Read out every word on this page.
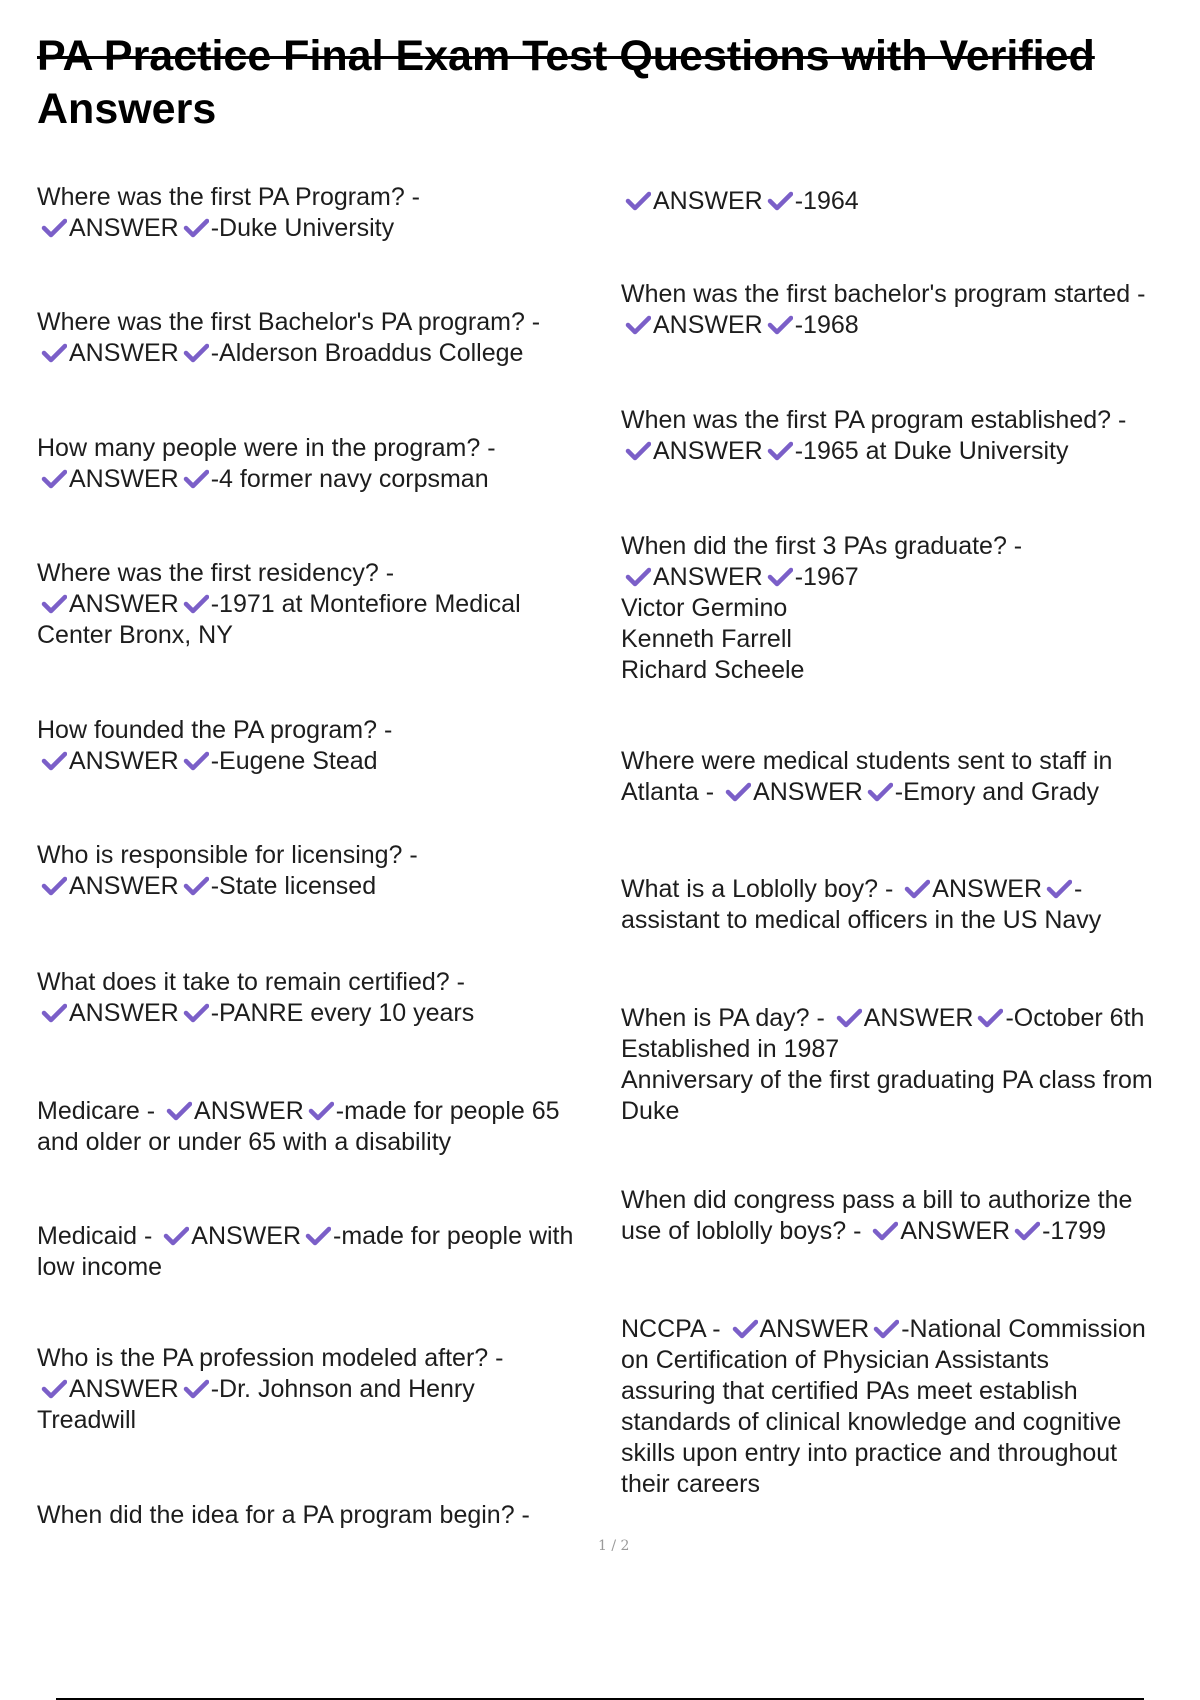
PA Practice Final Exam Test Questions with Verified
Answers
Where was the first PA Program? -

ANSWER -Duke University
Where was the first Bachelor's PA program? -

ANSWER -Alderson Broaddus College
How many people were in the program? -

ANSWER -4 former navy corpsman
Where was the first residency? -

ANSWER -1971 at Montefiore Medical
Center Bronx, NY
How founded the PA program? -

ANSWER -Eugene Stead
Who is responsible for licensing? -

ANSWER -State licensed
What does it take to remain certified? -

ANSWER -PANRE every 10 years
Medicare -
ANSWER -made for people 65
and older or under 65 with a disability
Medicaid -
ANSWER -made for people with
low income
Who is the PA profession modeled after? -

ANSWER -Dr. Johnson and Henry
Treadwill
When did the idea for a PA program begin? -
ANSWER -1964
When was the first bachelor's program started -

ANSWER -1968
When was the first PA program established? -

ANSWER -1965 at Duke University
When did the first 3 PAs graduate? -

ANSWER -1967
Victor Germino
Kenneth Farrell
Richard Scheele
Where were medical students sent to staff in
Atlanta -
ANSWER -Emory and Grady
What is a Loblolly boy? -
ANSWER -
assistant to medical officers in the US Navy
When is PA day? -
ANSWER -October 6th
Established in 1987
Anniversary of the first graduating PA class from
Duke
When did congress pass a bill to authorize the
use of loblolly boys? -
ANSWER -1799
NCCPA -
ANSWER -National Commission
on Certification of Physician Assistants
assuring that certified PAs meet establish
standards of clinical knowledge and cognitive
skills upon entry into practice and throughout
their careers
1 / 2
